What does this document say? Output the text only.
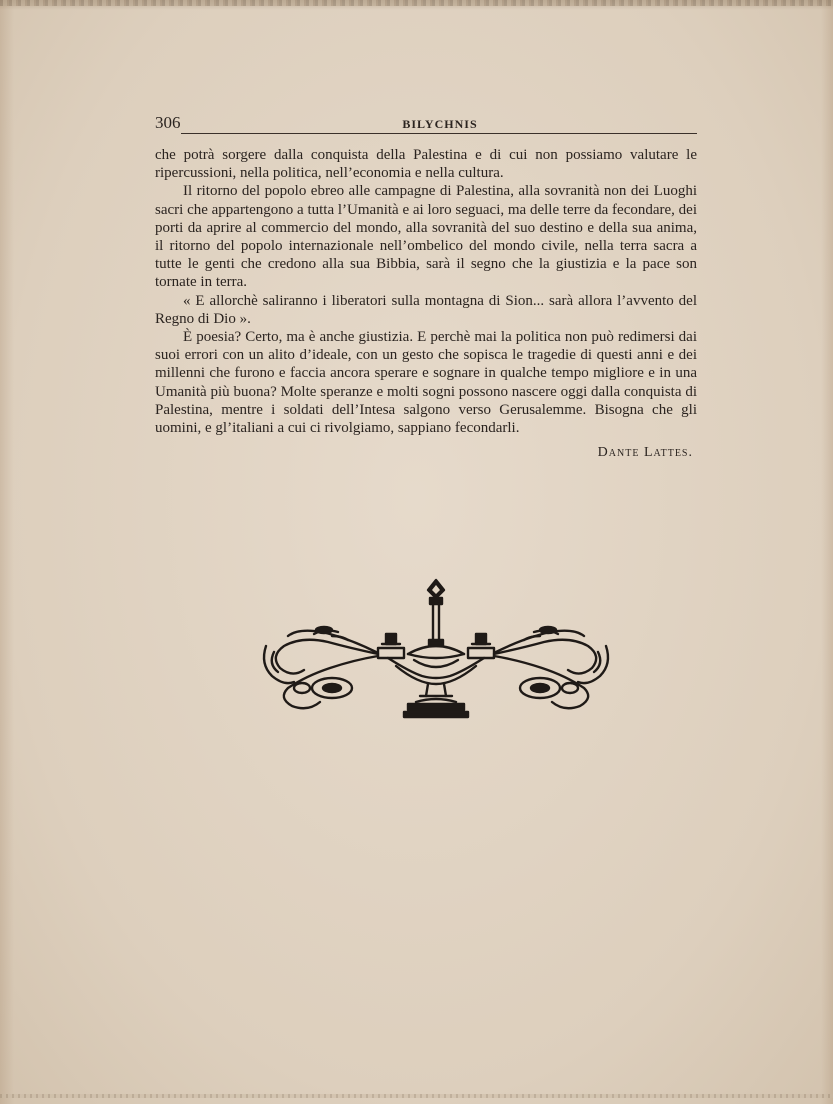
306	BILYCHNIS

che potrà sorgere dalla conquista della Palestina e di cui non possiamo valutare le ripercussioni, nella politica, nell’economia e nella cultura.

Il ritorno del popolo ebreo alle campagne di Palestina, alla sovranità non dei Luoghi sacri che appartengono a tutta l’Umanità e ai loro seguaci, ma delle terre da fecondare, dei porti da aprire al commercio del mondo, alla sovranità del suo destino e della sua anima, il ritorno del popolo internazionale nell’ombelico del mondo civile, nella terra sacra a tutte le genti che credono alla sua Bibbia, sarà il segno che la giustizia e la pace son tornate in terra.

« E allorchè saliranno i liberatori sulla montagna di Sion... sarà allora l’avvento del Regno di Dio ».

È poesia? Certo, ma è anche giustizia. E perchè mai la politica non può redimersi dai suoi errori con un alito d’ideale, con un gesto che sopisca le tragedie di questi anni e dei millenni che furono e faccia ancora sperare e sognare in qualche tempo migliore e in una Umanità più buona? Molte speranze e molti sogni possono nascere oggi dalla conquista di Palestina, mentre i soldati dell’Intesa salgono verso Gerusalemme. Bisogna che gli uomini, e gl’italiani a cui ci rivolgiamo, sappiano fecondarli.

Dante Lattes.
